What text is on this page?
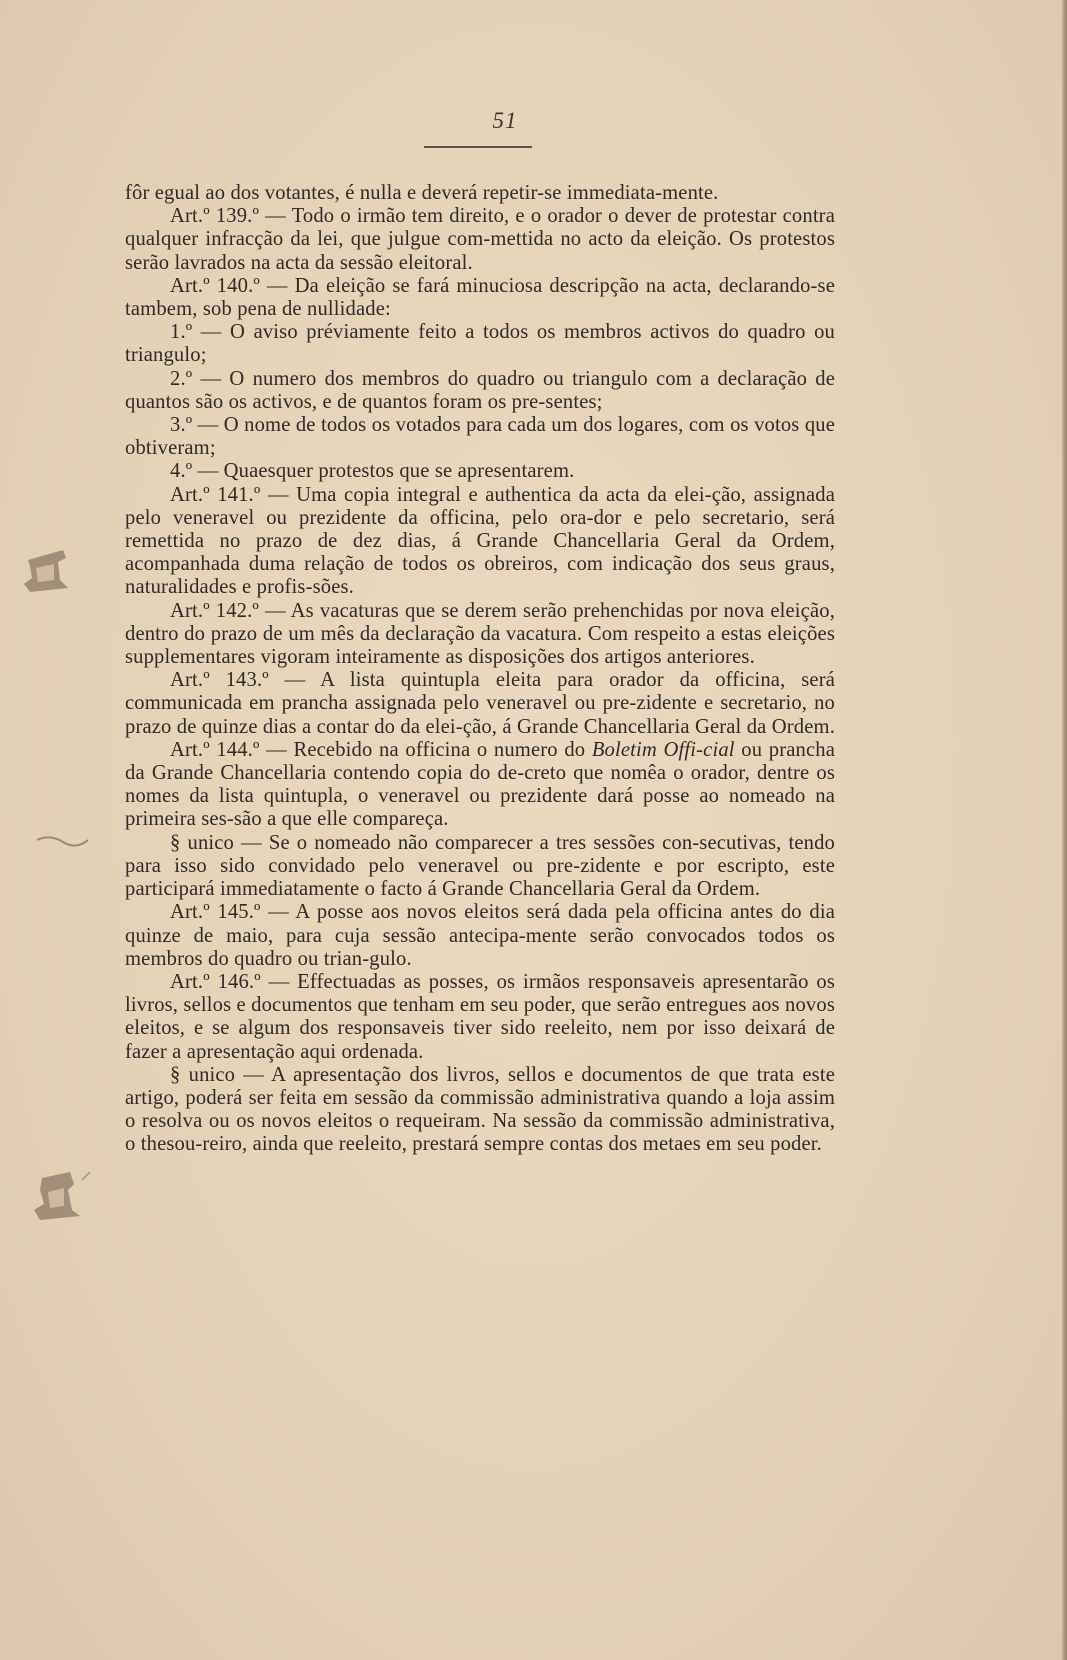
51

fôr egual ao dos votantes, é nulla e deverá repetir-se immediata-mente.

Art.º 139.º — Todo o irmão tem direito, e o orador o dever de protestar contra qualquer infracção da lei, que julgue com-mettida no acto da eleição. Os protestos serão lavrados na acta da sessão eleitoral.

Art.º 140.º — Da eleição se fará minuciosa descripção na acta, declarando-se tambem, sob pena de nullidade:

1.º — O aviso préviamente feito a todos os membros activos do quadro ou triangulo;

2.º — O numero dos membros do quadro ou triangulo com a declaração de quantos são os activos, e de quantos foram os pre-sentes;

3.º — O nome de todos os votados para cada um dos logares, com os votos que obtiveram;

4.º — Quaesquer protestos que se apresentarem.

Art.º 141.º — Uma copia integral e authentica da acta da elei-ção, assignada pelo veneravel ou prezidente da officina, pelo ora-dor e pelo secretario, será remettida no prazo de dez dias, á Grande Chancellaria Geral da Ordem, acompanhada duma relação de todos os obreiros, com indicação dos seus graus, naturalidades e profis-sões.

Art.º 142.º — As vacaturas que se derem serão prehenchidas por nova eleição, dentro do prazo de um mês da declaração da vacatura. Com respeito a estas eleições supplementares vigoram inteiramente as disposições dos artigos anteriores.

Art.º 143.º — A lista quintupla eleita para orador da officina, será communicada em prancha assignada pelo veneravel ou pre-zidente e secretario, no prazo de quinze dias a contar do da elei-ção, á Grande Chancellaria Geral da Ordem.

Art.º 144.º — Recebido na officina o numero do Boletim Offi-cial ou prancha da Grande Chancellaria contendo copia do de-creto que nomêa o orador, dentre os nomes da lista quintupla, o veneravel ou prezidente dará posse ao nomeado na primeira ses-são a que elle compareça.

§ unico — Se o nomeado não comparecer a tres sessões con-secutivas, tendo para isso sido convidado pelo veneravel ou pre-zidente e por escripto, este participará immediatamente o facto á Grande Chancellaria Geral da Ordem.

Art.º 145.º — A posse aos novos eleitos será dada pela officina antes do dia quinze de maio, para cuja sessão antecipa-mente serão convocados todos os membros do quadro ou trian-gulo.

Art.º 146.º — Effectuadas as posses, os irmãos responsaveis apresentarão os livros, sellos e documentos que tenham em seu poder, que serão entregues aos novos eleitos, e se algum dos responsaveis tiver sido reeleito, nem por isso deixará de fazer a apresentação aqui ordenada.

§ unico — A apresentação dos livros, sellos e documentos de que trata este artigo, poderá ser feita em sessão da commissão administrativa quando a loja assim o resolva ou os novos eleitos o requeiram. Na sessão da commissão administrativa, o thesou-reiro, ainda que reeleito, prestará sempre contas dos metaes em seu poder.
